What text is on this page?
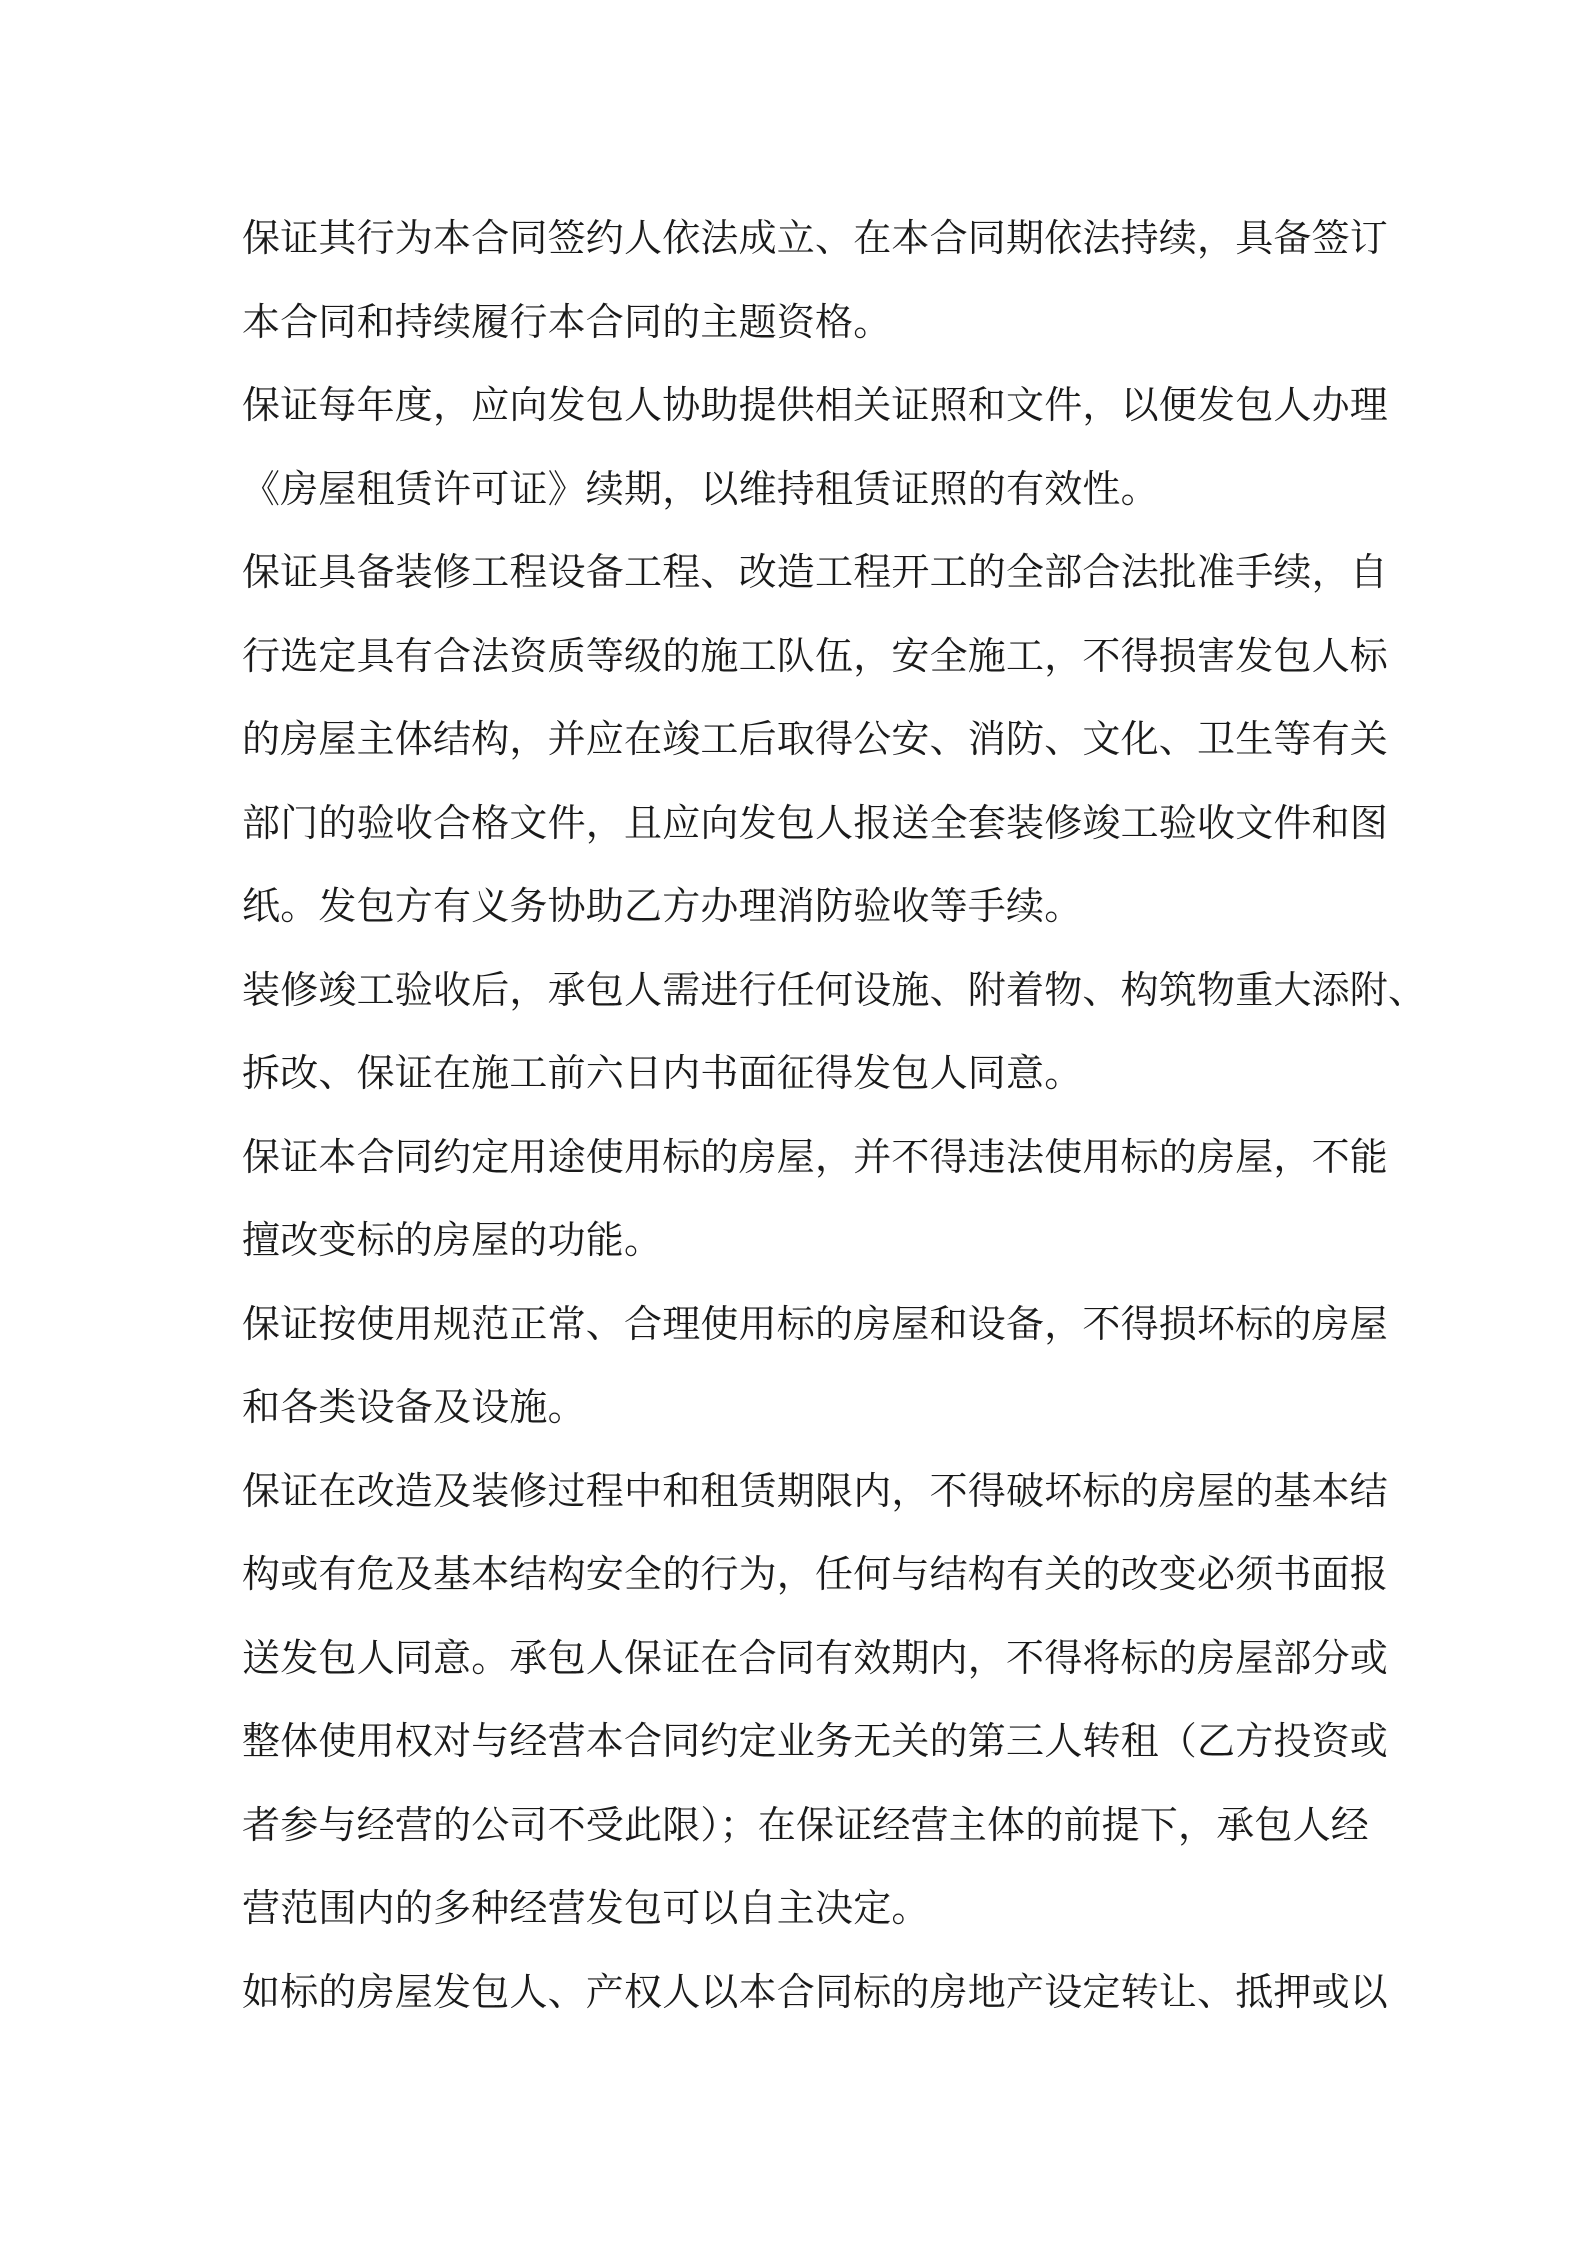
保证其行为本合同签约人依法成立、在本合同期依法持续，具备签订
本合同和持续履行本合同的主题资格。
保证每年度，应向发包人协助提供相关证照和文件，以便发包人办理
《房屋租赁许可证》续期，以维持租赁证照的有效性。
保证具备装修工程设备工程、改造工程开工的全部合法批准手续，自
行选定具有合法资质等级的施工队伍，安全施工，不得损害发包人标
的房屋主体结构，并应在竣工后取得公安、消防、文化、卫生等有关
部门的验收合格文件，且应向发包人报送全套装修竣工验收文件和图
纸。发包方有义务协助乙方办理消防验收等手续。
装修竣工验收后，承包人需进行任何设施、附着物、构筑物重大添附、
拆改、保证在施工前六日内书面征得发包人同意。
保证本合同约定用途使用标的房屋，并不得违法使用标的房屋，不能
擅改变标的房屋的功能。
保证按使用规范正常、合理使用标的房屋和设备，不得损坏标的房屋
和各类设备及设施。
保证在改造及装修过程中和租赁期限内，不得破坏标的房屋的基本结
构或有危及基本结构安全的行为，任何与结构有关的改变必须书面报
送发包人同意。承包人保证在合同有效期内，不得将标的房屋部分或
整体使用权对与经营本合同约定业务无关的第三人转租（乙方投资或
者参与经营的公司不受此限）；在保证经营主体的前提下，承包人经
营范围内的多种经营发包可以自主决定。
如标的房屋发包人、产权人以本合同标的房地产设定转让、抵押或以
